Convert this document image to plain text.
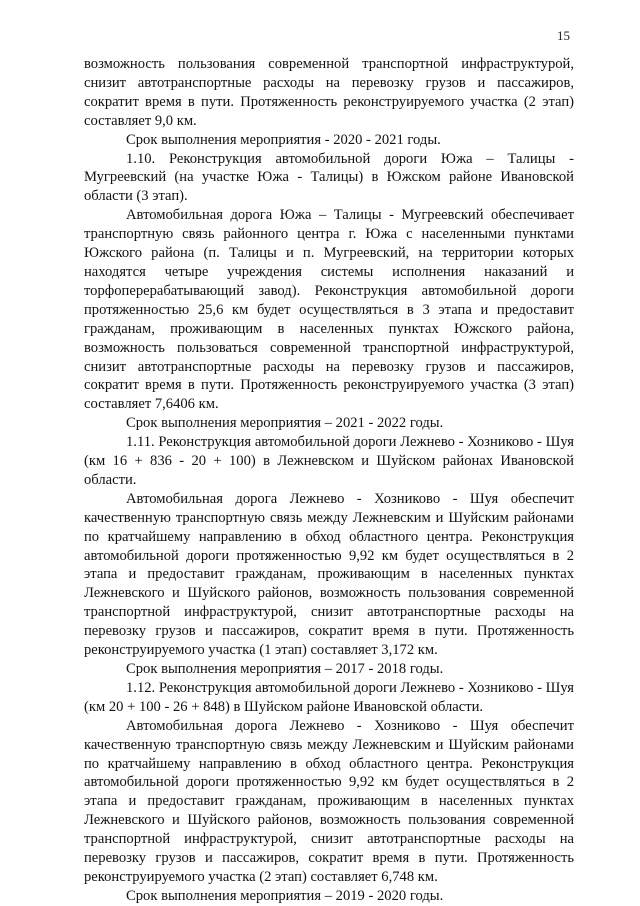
15

возможность пользования современной транспортной инфраструктурой, снизит автотранспортные расходы на перевозку грузов и пассажиров, сократит время в пути. Протяженность реконструируемого участка (2 этап) составляет 9,0 км.

Срок выполнения мероприятия - 2020 - 2021 годы.

1.10. Реконструкция автомобильной дороги Южа – Талицы - Мугреевский (на участке Южа - Талицы) в Южском районе Ивановской области (3 этап).

Автомобильная дорога Южа – Талицы - Мугреевский обеспечивает транспортную связь районного центра г. Южа с населенными пунктами Южского района (п. Талицы и п. Мугреевский, на территории которых находятся четыре учреждения системы исполнения наказаний и торфоперерабатывающий завод). Реконструкция автомобильной дороги протяженностью 25,6 км будет осуществляться в 3 этапа и предоставит гражданам, проживающим в населенных пунктах Южского района, возможность пользоваться современной транспортной инфраструктурой, снизит автотранспортные расходы на перевозку грузов и пассажиров, сократит время в пути. Протяженность реконструируемого участка (3 этап) составляет 7,6406 км.

Срок выполнения мероприятия – 2021 - 2022 годы.

1.11. Реконструкция автомобильной дороги Лежнево - Хозниково - Шуя (км 16 + 836 - 20 + 100) в Лежневском и Шуйском районах Ивановской области.

Автомобильная дорога Лежнево - Хозниково - Шуя обеспечит качественную транспортную связь между Лежневским и Шуйским районами по кратчайшему направлению в обход областного центра. Реконструкция автомобильной дороги протяженностью 9,92 км будет осуществляться в 2 этапа и предоставит гражданам, проживающим в населенных пунктах Лежневского и Шуйского районов, возможность пользования современной транспортной инфраструктурой, снизит автотранспортные расходы на перевозку грузов и пассажиров, сократит время в пути. Протяженность реконструируемого участка (1 этап) составляет 3,172 км.

Срок выполнения мероприятия – 2017 - 2018 годы.

1.12. Реконструкция автомобильной дороги Лежнево - Хозниково - Шуя (км 20 + 100 - 26 + 848) в Шуйском районе Ивановской области.

Автомобильная дорога Лежнево - Хозниково - Шуя обеспечит качественную транспортную связь между Лежневским и Шуйским районами по кратчайшему направлению в обход областного центра. Реконструкция автомобильной дороги протяженностью 9,92 км будет осуществляться в 2 этапа и предоставит гражданам, проживающим в населенных пунктах Лежневского и Шуйского районов, возможность пользования современной транспортной инфраструктурой, снизит автотранспортные расходы на перевозку грузов и пассажиров, сократит время в пути. Протяженность реконструируемого участка (2 этап) составляет 6,748 км.

Срок выполнения мероприятия – 2019 - 2020 годы.
